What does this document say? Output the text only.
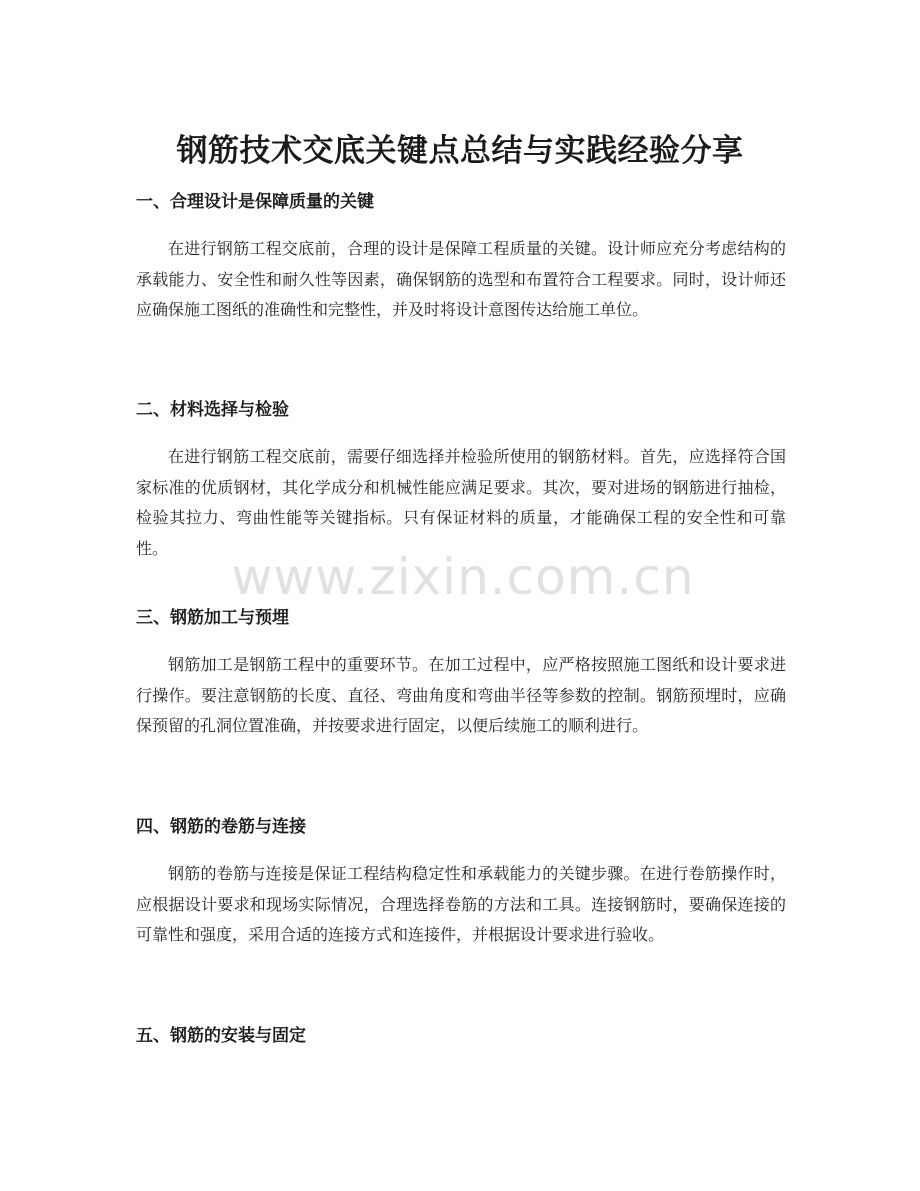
钢筋技术交底关键点总结与实践经验分享
一、合理设计是保障质量的关键

在进行钢筋工程交底前，合理的设计是保障工程质量的关键。设计师应充分考虑结构的承载能力、安全性和耐久性等因素，确保钢筋的选型和布置符合工程要求。同时，设计师还应确保施工图纸的准确性和完整性，并及时将设计意图传达给施工单位。

二、材料选择与检验

在进行钢筋工程交底前，需要仔细选择并检验所使用的钢筋材料。首先，应选择符合国家标准的优质钢材，其化学成分和机械性能应满足要求。其次，要对进场的钢筋进行抽检，检验其拉力、弯曲性能等关键指标。只有保证材料的质量，才能确保工程的安全性和可靠性。

三、钢筋加工与预埋

钢筋加工是钢筋工程中的重要环节。在加工过程中，应严格按照施工图纸和设计要求进行操作。要注意钢筋的长度、直径、弯曲角度和弯曲半径等参数的控制。钢筋预埋时，应确保预留的孔洞位置准确，并按要求进行固定，以便后续施工的顺利进行。

四、钢筋的卷筋与连接

钢筋的卷筋与连接是保证工程结构稳定性和承载能力的关键步骤。在进行卷筋操作时，应根据设计要求和现场实际情况，合理选择卷筋的方法和工具。连接钢筋时，要确保连接的可靠性和强度，采用合适的连接方式和连接件，并根据设计要求进行验收。

五、钢筋的安装与固定
www.zixin.com.cn
